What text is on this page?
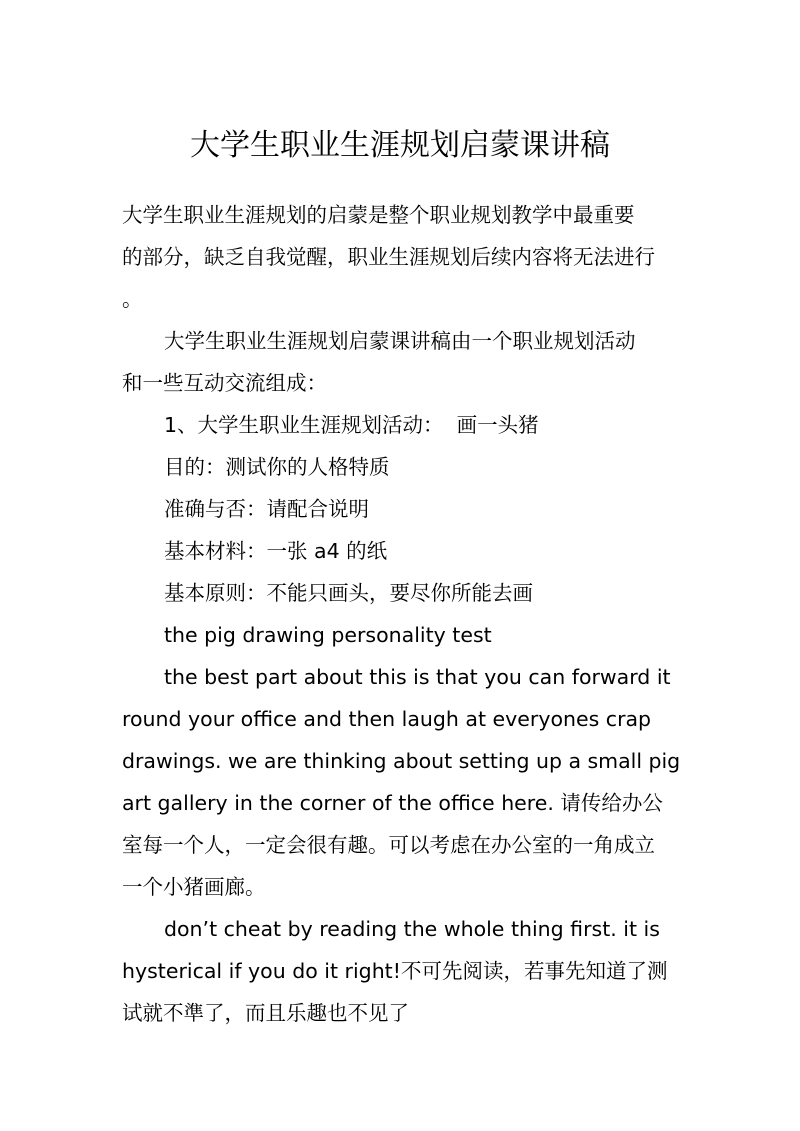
大学生职业生涯规划启蒙课讲稿

大学生职业生涯规划的启蒙是整个职业规划教学中最重要
的部分，缺乏自我觉醒，职业生涯规划后续内容将无法进行
。

大学生职业生涯规划启蒙课讲稿由一个职业规划活动
和一些互动交流组成：

1、大学生职业生涯规划活动：  画一头猪

目的：测试你的人格特质

准确与否：请配合说明

基本材料：一张 a4 的纸

基本原则：不能只画头，要尽你所能去画

the pig drawing personality test

the best part about this is that you can forward it
round your office and then laugh at everyones crap
drawings. we are thinking about setting up a small pig
art gallery in the corner of the office here. 请传给办公
室每一个人，一定会很有趣。可以考虑在办公室的一角成立
一个小猪画廊。

don’t cheat by reading the whole thing first. it is
hysterical if you do it right!不可先阅读，若事先知道了测
试就不準了，而且乐趣也不见了
